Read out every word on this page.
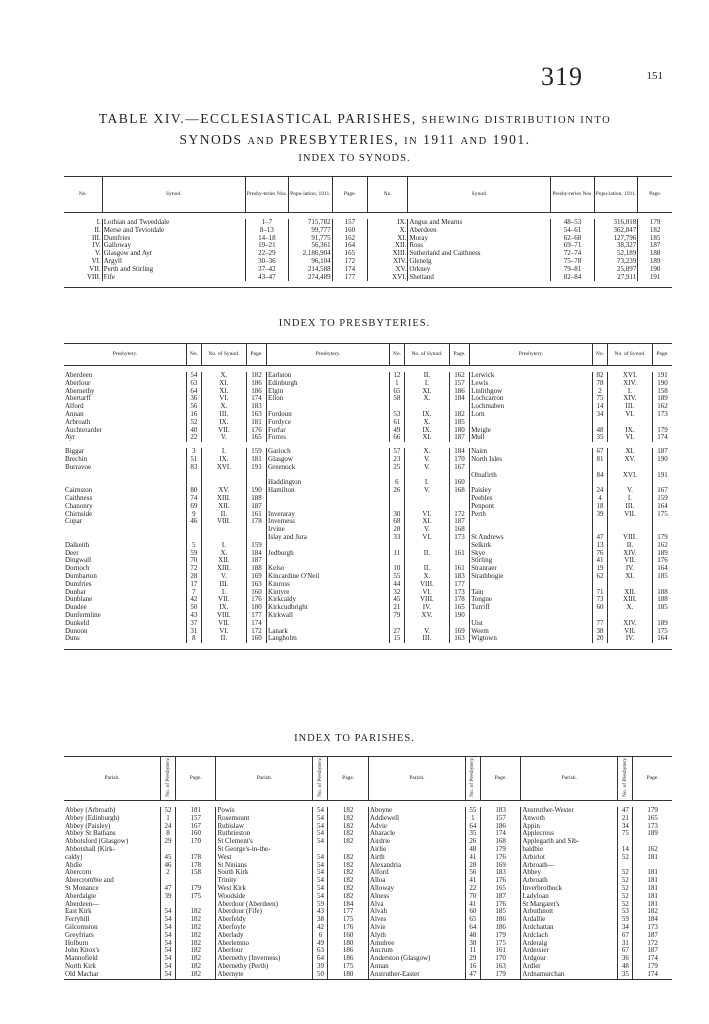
319	151
TABLE XIV.—ECCLESIASTICAL PARISHES, SHEWING DISTRIBUTION INTO
SYNODS AND PRESBYTERIES, IN 1911 AND 1901.
INDEX TO SYNODS.
No.	Synod.	Presby-teries Nos.	Popu-lation, 1911.	Page.	No.	Synod.	Presby-teries Nos.	Popu-lation, 1911.	Page.

I.	Lothian and Tweeddale	1–7	715,782	157	IX.	Angus and Mearns	48–53	316,018	179
II.	Merse and Teviotdale	8–13	99,777	160	X.	Aberdeen	54–61	362,847	182
III.	Dumfries	14–18	91,775	162	XI.	Moray	62–68	127,796	185
IV.	Galloway	19–21	56,361	164	XII.	Ross	69–71	38,327	187
V.	Glasgow and Ayr	22–29	2,186,904	165	XIII.	Sutherland and Caithness	72–74	52,189	188
VI.	Argyll	30–36	96,104	172	XIV.	Glenelg	75–78	73,239	189
VII.	Perth and Stirling	37–42	214,588	174	XV.	Orkney	79–81	25,897	190
VIII.	Fife	43–47	274,489	177	XVI.	Shetland	82–84	27,911	191

INDEX TO PRESBYTERIES.
Presbytery.	No.	No. of Synod.	Page.	Presbytery.	No.	No. of Synod.	Page.	Presbytery.	No.	No. of Synod.	Page.

Aberdeen	54	X.	182	Earlston	12	II.	162	Lerwick	82	XVI.	191
Aberlour	63	XI.	186	Edinburgh	1	I.	157	Lewis	78	XIV.	190
Abernethy	64	XI.	186	Elgin	65	XI.	186	Linlithgow	2	I.	158
Abertarff	36	VI.	174	Ellon	58	X.	184	Lochcarron	75	XIV.	189
Alford	56	X.	183					Lochmaben	14	III.	162
Annan	16	III.	163	Fordoun	53	IX.	182	Lorn	34	VI.	173
Arbroath	52	IX.	181	Fordyce	61	X.	185				
Auchterarder	40	VII.	176	Forfar	49	IX.	180	Meigle	48	IX.	179
Ayr	22	V.	165	Forres	66	XI.	187	Mull	35	VI.	174

Biggar	3	I.	159	Garioch	57	X.	184	Nairn	67	XI.	187
Brechin	51	IX.	181	Glasgow	23	V.	170	North Isles	81	XV.	190
Burravoe	83	XVI.	191	Greenock	25	V.	167				
								Olnafirth	84	XVI.	191
				Haddington	6	I.	160				
Cairnston	80	XV.	190	Hamilton	26	V.	168	Paisley	24	V.	167
Caithness	74	XIII.	188					Peebles	4	I.	159
Chanonry	69	XII.	187					Penpont	18	III.	164
Chirnside	9	II.	161	Inveraray	30	VI.	172	Perth	39	VII.	175
Cupar	46	VIII.	178	Inverness	68	XI.	187				
				Irvine	28	V.	168				
				Islay and Jura	33	VI.	173	St Andrews	47	VIII.	179
Dalkeith	5	I.	159					Selkirk	13	II.	162
Deer	59	X.	184	Jedburgh	11	II.	161	Skye	76	XIV.	189
Dingwall	70	XII.	187					Stirling	41	VII.	176
Dornoch	72	XIII.	188	Kelso	10	II.	161	Stranraer	19	IV.	164
Dumbarton	28	V.	169	Kincardine O'Neil	55	X.	183	Strathbogie	62	XI.	185
Dumfries	17	III.	163	Kinross	44	VIII.	177				
Dunbar	7	I.	160	Kintyre	32	VI.	173	Tain	71	XII.	188
Dunblane	42	VII.	176	Kirkcaldy	45	VIII.	178	Tongue	73	XIII.	188
Dundee	50	IX.	180	Kirkcudbright	21	IV.	165	Turriff	60	X.	185
Dunfermline	43	VIII.	177	Kirkwall	79	XV.	190				
Dunkeld	37	VII.	174					Uist	77	XIV.	189
Dunoon	31	VI.	172	Lanark	27	V.	169	Weem	38	VII.	175
Duns	8	II.	160	Langholm	15	III.	163	Wigtown	20	IV.	164

INDEX TO PARISHES.
Parish.	No. of Presbytery.	Page.	Parish.	No. of Presbytery.	Page.	Parish.	No. of Presbytery.	Page.	Parish.	No. of Presbytery.	Page.

Abbey (Arbroath)	52	181	Powis	54	182	Aboyne	55	183	Anstruther-Wester	47	179
Abbey (Edinburgh)	1	157	Rosemount	54	182	Addiewell	1	157	Anwoth	21	165
Abbey (Paisley)	24	167	Rubislaw	54	182	Advie	64	186	Appin	34	173
Abbey St Bathans	8	160	Ruthrieston	54	182	Aharacle	35	174	Applecross	75	189
Abbotsford (Glasgow)	29	170	St Clement's	54	182	Airdrie	26	168	Applegarth and Sib-		
Abbotshall (Kirk-			St George's-in-the-			Airlie	48	179	baldbie	14	162
caldy)	45	178	West	54	182	Airth	41	176	Arbirlot	52	181
Abdie	46	178	St Ninians	54	182	Alexandria	28	169	Arbroath—		
Abercorn	2	158	South Kirk	54	182	Alford	56	183	Abbey	52	181
Abercrombie and			Trinity	54	182	Alloa	41	176	Arbroath	52	181
St Monance	47	179	West Kirk	54	182	Alloway	22	165	Inverbrothock	52	181
Aberdalgie	39	175	Woodside	54	182	Alness	70	187	Ladyloan	52	181
Aberdeen—			Aberdour (Aberdeen)	59	184	Alva	41	176	St Margaret's	52	181
East Kirk	54	182	Aberdour (Fife)	43	177	Alvah	60	185	Arbuthnott	53	182
Ferryhill	54	182	Aberfeldy	38	175	Alves	65	186	Ardallie	59	184
Gilcomston	54	182	Aberfoyle	42	176	Alvie	64	186	Ardchattan	34	173
Greyfriars	54	182	Aberlady	6	160	Alyth	48	179	Ardclach	67	187
Holburn	54	182	Aberlemno	49	180	Amulree	38	175	Arderaig	31	172
John Knox's	54	182	Aberlour	63	186	Ancrum	11	161	Ardersier	67	187
Mannofield	54	182	Abernethy (Inverness)	64	186	Anderston (Glasgow)	29	170	Ardgour	36	174
North Kirk	54	182	Abernethy (Perth)	39	175	Annan	16	163	Ardler	48	179
Old Machar	54	182	Abernyte	50	180	Anstruther-Easter	47	179	Ardnamurchan	35	174
